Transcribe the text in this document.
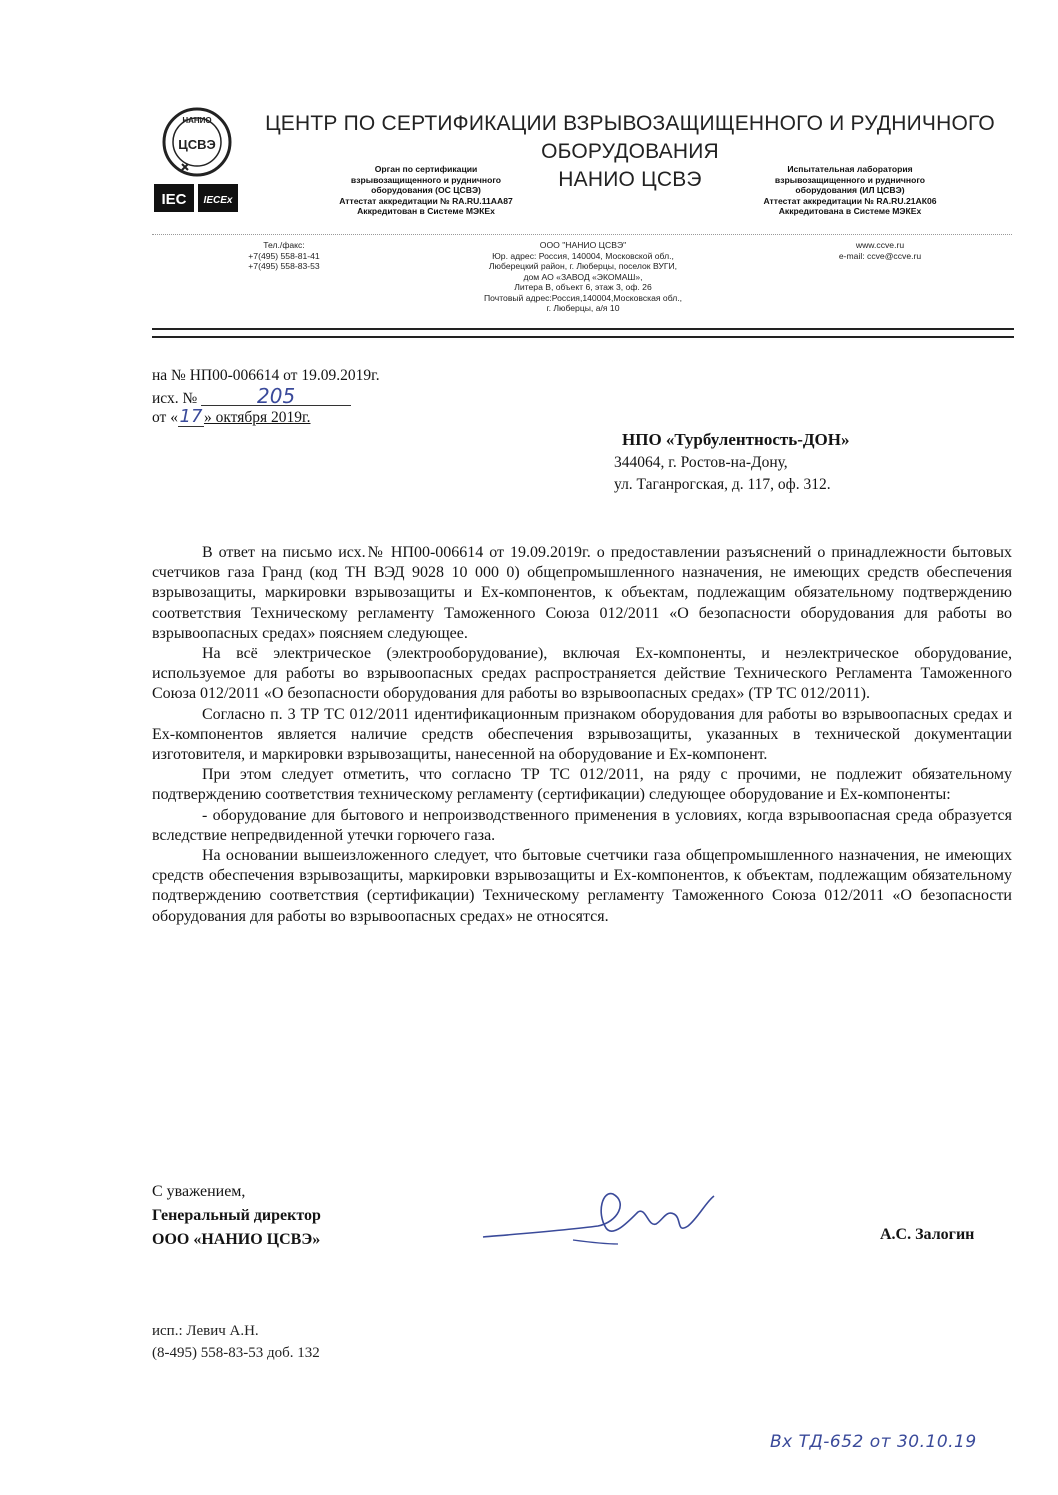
НАНИО
ЦСВЭ
IEC IECEx
ЦЕНТР ПО СЕРТИФИКАЦИИ ВЗРЫВОЗАЩИЩЕННОГО И РУДНИЧНОГО ОБОРУДОВАНИЯ
НАНИО ЦСВЭ
Орган по сертификации
взрывозащищенного и рудничного
оборудования (ОС ЦСВЭ)
Аттестат аккредитации № RA.RU.11АА87
Аккредитован в Системе МЭКЕх
Испытательная лаборатория
взрывозащищенного и рудничного
оборудования (ИЛ ЦСВЭ)
Аттестат аккредитации № RA.RU.21АК06
Аккредитована в Системе МЭКЕх
Тел./факс:
+7(495) 558-81-41
+7(495) 558-83-53
ООО "НАНИО ЦСВЭ"
Юр. адрес: Россия, 140004, Московской обл.,
Люберецкий район, г. Люберцы, поселок ВУГИ,
дом АО «ЗАВОД «ЭКОМАШ»,
Литера В, объект 6, этаж 3, оф. 26
Почтовый адрес:Россия,140004,Московская обл.,
г. Люберцы, а/я 10
www.ccve.ru
e-mail: ccve@ccve.ru
на № НП00-006614 от 19.09.2019г.
исх. №	205
от «17» октября 2019г.
НПО «Турбулентность-ДОН»
344064, г. Ростов-на-Дону,
ул. Таганрогская, д. 117, оф. 312.

В ответ на письмо исх.№ НП00-006614 от 19.09.2019г. о предоставлении разъяснений о принадлежности бытовых счетчиков газа Гранд (код ТН ВЭД 9028 10 000 0) общепромышленного назначения, не имеющих средств обеспечения взрывозащиты, маркировки взрывозащиты и Ex-компонентов, к объектам, подлежащим обязательному подтверждению соответствия Техническому регламенту Таможенного Союза 012/2011 «О безопасности оборудования для работы во взрывоопасных средах» поясняем следующее.

На всё электрическое (электрооборудование), включая Ex-компоненты, и неэлектрическое оборудование, используемое для работы во взрывоопасных средах распространяется действие Технического Регламента Таможенного Союза 012/2011 «О безопасности оборудования для работы во взрывоопасных средах» (ТР ТС 012/2011).

Согласно п. 3 ТР ТС 012/2011 идентификационным признаком оборудования для работы во взрывоопасных средах и Ex-компонентов является наличие средств обеспечения взрывозащиты, указанных в технической документации изготовителя, и маркировки взрывозащиты, нанесенной на оборудование и Ex-компонент.

При этом следует отметить, что согласно ТР ТС 012/2011, на ряду с прочими, не подлежит обязательному подтверждению соответствия техническому регламенту (сертификации) следующее оборудование и Ex-компоненты:

- оборудование для бытового и непроизводственного применения в условиях, когда взрывоопасная среда образуется вследствие непредвиденной утечки горючего газа.

На основании вышеизложенного следует, что бытовые счетчики газа общепромышленного назначения, не имеющих средств обеспечения взрывозащиты, маркировки взрывозащиты и Ex-компонентов, к объектам, подлежащим обязательному подтверждению соответствия (сертификации) Техническому регламенту Таможенного Союза 012/2011 «О безопасности оборудования для работы во взрывоопасных средах» не относятся.

С уважением,
Генеральный директор
ООО «НАНИО ЦСВЭ»	А.С. Залогин
исп.: Левич А.Н.
(8-495) 558-83-53 доб. 132
Вх ТД-652 от 30.10.19
